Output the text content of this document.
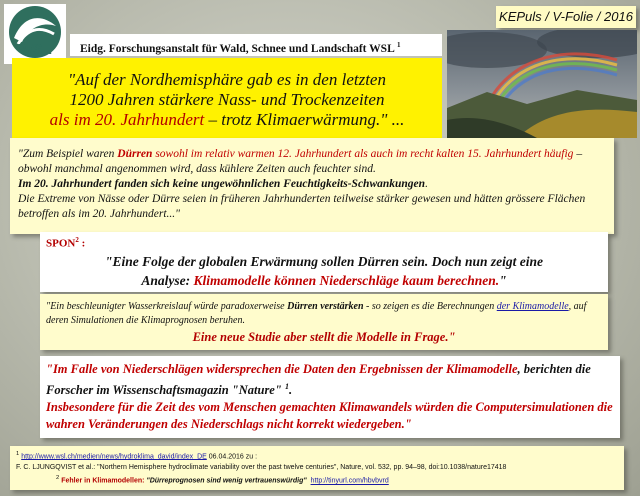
KEPuls / V-Folie / 2016
WSL	Eidg. Forschungsanstalt für Wald, Schnee und Landschaft WSL $^1$
"Auf der Nordhemisphäre gab es in den letzten
1200 Jahren stärkere Nass- und Trockenzeiten
als im 20. Jahrhundert – trotz Klimaerwärmung." ...
"Zum Beispiel waren Dürren sowohl im relativ warmen 12. Jahrhundert als auch im recht kalten 15. Jahrhundert häufig – obwohl manchmal angenommen wird, dass kühlere Zeiten auch feuchter sind.
Im 20. Jahrhundert fanden sich keine ungewöhnlichen Feuchtigkeits-Schwankungen.
Die Extreme von Nässe oder Dürre seien in früheren Jahrhunderten teilweise stärker gewesen und hätten grössere Flächen betroffen als im 20. Jahrhundert..."
SPON$^2$ :
"Eine Folge der globalen Erwärmung sollen Dürren sein. Doch nun zeigt eine
Analyse: Klimamodelle können Niederschläge kaum berechnen."
"Ein beschleunigter Wasserkreislauf würde paradoxerweise Dürren verstärken - so zeigen es die Berechnungen der Klimamodelle, auf deren Simulationen die Klimaprognosen beruhen.
Eine neue Studie aber stellt die Modelle in Frage."
"Im Falle von Niederschlägen widersprechen die Daten den Ergebnissen der Klimamodelle, berichten die Forscher im Wissenschaftsmagazin "Nature" $^1$.
Insbesondere für die Zeit des vom Menschen gemachten Klimawandels würden die Computersimulationen die wahren Veränderungen des Niederschlags nicht korrekt wiedergeben."
$^1$ http://www.wsl.ch/medien/news/hydroklima_david/index_DE 06.04.2016 zu :
F. C. LJUNGQVIST et al.: "Northern Hemisphere hydroclimate variability over the past twelve centuries", Nature, vol. 532, pp. 94–98, doi:10.1038/nature17418
$^2$ Fehler in Klimamodellen: "Dürreprognosen sind wenig vertrauenswürdig" http://tinyurl.com/hbvbvrd
